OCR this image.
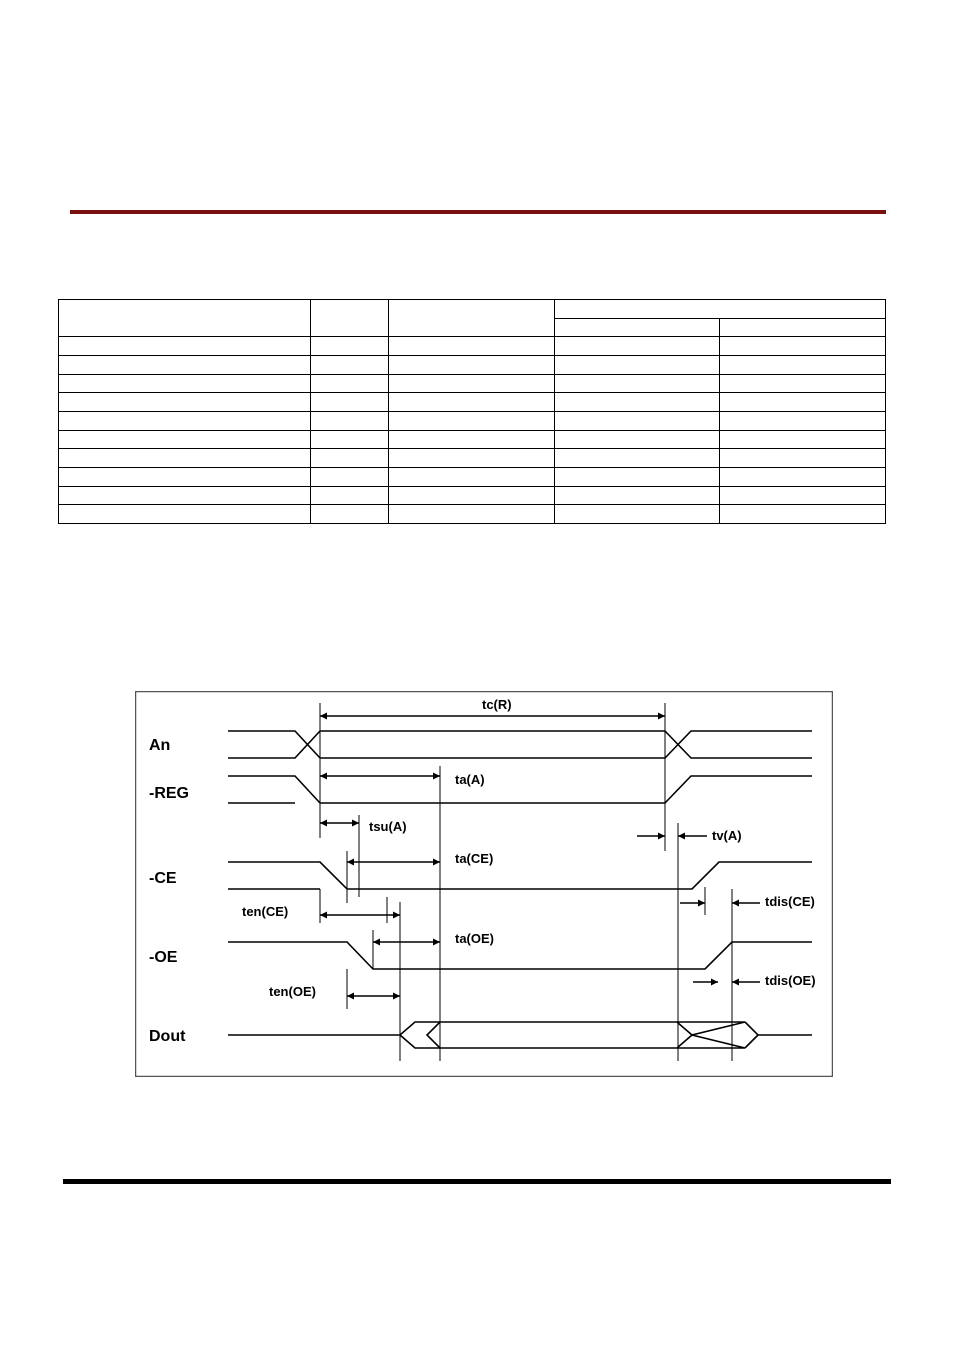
An
-REG
-CE
-OE
Dout
tc(R)
ta(A)
tsu(A)
tv(A)
ta(CE)
ten(CE)
tdis(CE)
ta(OE)
ten(OE)
tdis(OE)
